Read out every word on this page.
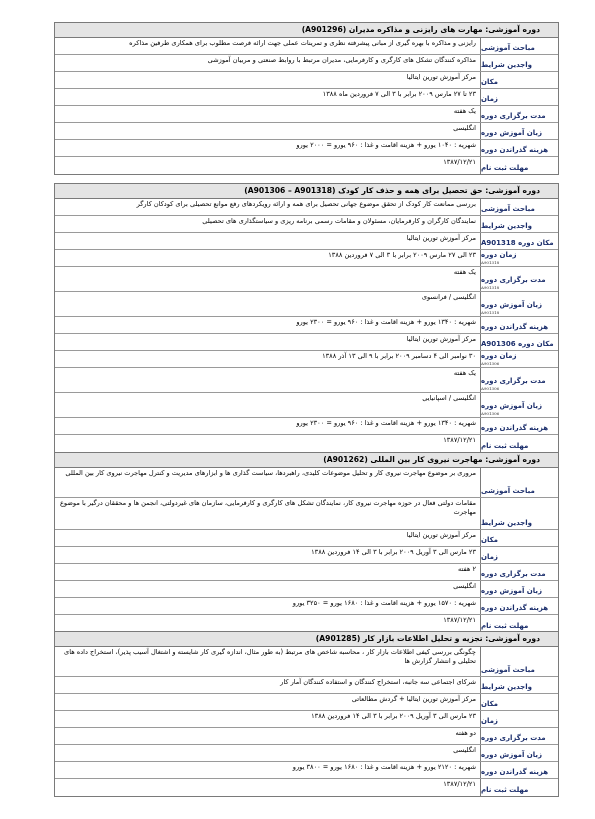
دوره آموزشی: مهارت های رایزنی و مذاکره مدیران (A901296)
مباحث آموزشی
رایزنی و مذاکره با بهره گیری از مبانی پیشرفته نظری و تمرینات عملی جهت ارائه فرصت مطلوب برای همکاری طرفین مذاکره
واجدین شرایط
مذاکره کنندگان تشکل های کارگری و کارفرمایی، مدیران مرتبط با روابط صنعتی و مربیان آموزشی
مکان
مرکز آموزش تورین ایتالیا
زمان
۲۳ تا ۲۷ مارس ۲۰۰۹ برابر با ۳ الی ۷ فروردین ماه ۱۳۸۸
مدت برگزاری دوره
یک هفته
زبان آموزش دوره
انگلیسی
هزینه گذراندن دوره
شهریه : ۱۰۴۰ یورو + هزینه اقامت و غذا : ۹۶۰ یورو = ۲۰۰۰ یورو
مهلت ثبت نام
۱۳۸۷/۱۲/۲۱
دوره آموزشی: حق تحصیل برای همه و حذف کار کودک (A901306 – A901318)
مباحث آموزشی
بررسی ممانعت کار کودک از تحقق موضوع جهانی تحصیل برای همه و ارائه رویکردهای رفع موانع تحصیلی برای کودکان کارگر
واجدین شرایط
نمایندگان کارگران و کارفرمایان، مسئولان و مقامات رسمی برنامه ریزی و سیاستگذاری های تحصیلی
مکان دوره A901318
مرکز آموزش تورین ایتالیا
زمان دوره
A901318
۲۳ الی ۲۷ مارس ۲۰۰۹ برابر با ۳ الی ۷ فروردین ۱۳۸۸
مدت برگزاری دوره
A901318
یک هفته
زبان آموزش دوره
A901318
انگلیسی / فرانسوی
هزینه گذراندن دوره
شهریه : ۱۳۴۰ یورو + هزینه اقامت و غذا : ۹۶۰ یورو = ۲۳۰۰ یورو
مکان دوره A901306
مرکز آموزش تورین ایتالیا
زمان دوره
A901306
۳۰ نوامبر الی ۴ دسامبر ۲۰۰۹ برابر با ۹ الی ۱۳ آذر ۱۳۸۸
مدت برگزاری دوره
A901306
یک هفته
زبان آموزش دوره
A901306
انگلیسی / اسپانیایی
هزینه گذراندن دوره
شهریه : ۱۳۴۰ یورو + هزینه اقامت و غذا : ۹۶۰ یورو = ۲۳۰۰ یورو
مهلت ثبت نام
۱۳۸۷/۱۲/۲۱
دوره آموزشی: مهاجرت نیروی کار بین المللی (A901262)
مباحث آموزشی
مروری بر موضوع مهاجرت نیروی کار و تحلیل موضوعات کلیدی، راهبردها، سیاست گذاری ها و ابزارهای مدیریت و کنترل مهاجرت نیروی کار بین المللی
واجدین شرایط
مقامات دولتی فعال در حوزه مهاجرت نیروی کار، نمایندگان تشکل های کارگری و کارفرمایی، سازمان های غیردولتی، انجمن ها و محققان درگیر با موضوع مهاجرت
مکان
مرکز آموزش تورین ایتالیا
زمان
۲۳ مارس الی ۳ آوریل ۲۰۰۹ برابر با ۳ الی ۱۴ فروردین ۱۳۸۸
مدت برگزاری دوره
۲ هفته
زبان آموزش دوره
انگلیسی
هزینه گذراندن دوره
شهریه : ۱۵۷۰ یورو + هزینه اقامت و غذا : ۱۶۸۰ یورو = ۳۲۵۰ یورو
مهلت ثبت نام
۱۳۸۷/۱۲/۲۱
دوره آموزشی: تجزیه و تحلیل اطلاعات بازار کار (A901285)
مباحث آموزشی
چگونگی بررسی کیفی اطلاعات بازار کار ، محاسبه شاخص های مرتبط (به طور مثال، اندازه گیری کار شایسته و اشتغال آسیب پذیر)، استخراج داده های تحلیلی و انتشار گزارش ها
واجدین شرایط
شرکای اجتماعی سه جانبه، استخراج کنندگان و استفاده کنندگان آمار کار
مکان
مرکز آموزش تورین ایتالیا + گردش مطالعاتی
زمان
۲۳ مارس الی ۳ آوریل ۲۰۰۹ برابر با ۳ الی ۱۴ فروردین ۱۳۸۸
مدت برگزاری دوره
دو هفته
زبان آموزش دوره
انگلیسی
هزینه گذراندن دوره
شهریه : ۲۱۲۰ یورو + هزینه اقامت و غذا : ۱۶۸۰ یورو = ۳۸۰۰ یورو
مهلت ثبت نام
۱۳۸۷/۱۲/۲۱
